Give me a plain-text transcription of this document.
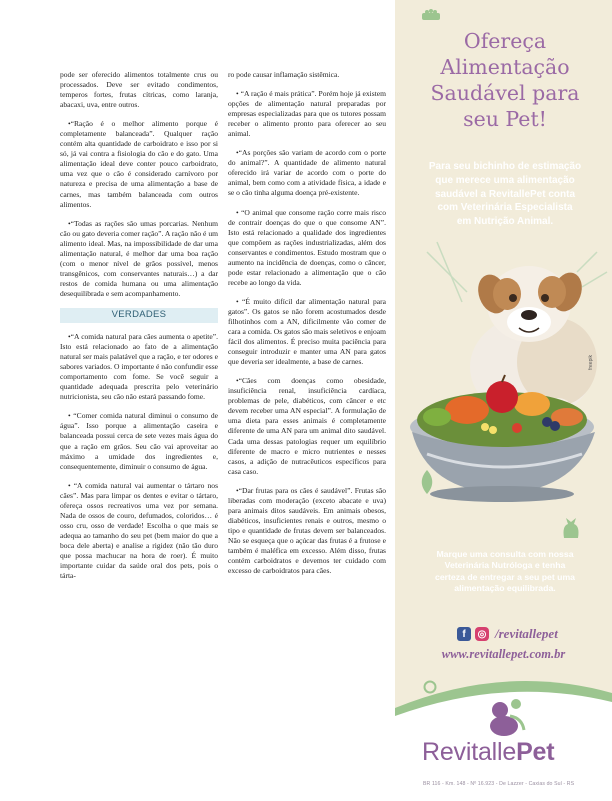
pode ser oferecido alimentos totalmente crus ou processados. Deve ser evitado condimentos, temperos fortes, frutas cítricas, como laranja, abacaxi, uva, entre outros.

•“Ração é o melhor alimento porque é completamente balanceada”. Qualquer ração contém alta quantidade de carboidrato e isso por si só, já vai contra a fisiologia do cão e do gato. Uma alimentação ideal deve conter pouco carboidrato, uma vez que o cão é considerado carnívoro por natureza e precisa de uma alimentação a base de carnes, mas também balanceada com outros alimentos.

•“Todas as rações são umas porcarias. Nenhum cão ou gato deveria comer ração”. A ração não é um alimento ideal. Mas, na impossibilidade de dar uma alimentação natural, é melhor dar uma boa ração (com o menor nível de grãos possível, menos transgênicos, com conservantes naturais…) a dar restos de comida humana ou uma alimentação desequilibrada e sem acompanhamento.

VERDADES

•“A comida natural para cães aumenta o apetite”. Isto está relacionado ao fato de a alimentação natural ser mais palatável que a ração, e ter odores e sabores variados. O importante é não confundir esse comportamento com fome. Se você seguir a quantidade adequada prescrita pelo veterinário nutricionista, seu cão não estará passando fome.

• “Comer comida natural diminui o consumo de água”. Isso porque a alimentação caseira e balanceada possui cerca de sete vezes mais água do que a ração em grãos. Seu cão vai aproveitar ao máximo a umidade dos ingredientes e, consequentemente, diminuir o consumo de água.

• “A comida natural vai aumentar o tártaro nos cães”. Mas para limpar os dentes e evitar o tártaro, ofereça ossos recreativos uma vez por semana. Nada de ossos de couro, defumados, coloridos… é osso cru, osso de verdade! Escolha o que mais se adequa ao tamanho do seu pet (bem maior do que a boca dele aberta) e analise a rigidez (não tão duro que possa machucar na hora de roer). É muito importante cuidar da saúde oral dos pets, pois o tárta-

ro pode causar inflamação sistêmica.

• “A ração é mais prática”. Porém hoje já existem opções de alimentação natural preparadas por empresas especializadas para que os tutores possam receber o alimento pronto para oferecer ao seu animal.

•“As porções são variam de acordo com o porte do animal?”. A quantidade de alimento natural oferecido irá variar de acordo com o porte do animal, bem como com a atividade física, a idade e se o cão tinha alguma doença pré-existente.

• “O animal que consome ração corre mais risco de contrair doenças do que o que consome AN”. Isto está relacionado a qualidade dos ingredientes que compõem as rações industrializadas, além dos conservantes e condimentos. Estudo mostram que o aumento na incidência de doenças, como o câncer, pode estar relacionado a alimentação que o cão recebe ao longo da vida.

• “É muito difícil dar alimentação natural para gatos”. Os gatos se não forem acostumados desde filhotinhos com a AN, dificilmente vão comer de cara a comida. Os gatos são mais seletivos e enjoam fácil dos alimentos. É preciso muita paciência para conseguir introduzir e manter uma AN para gatos que deveria ser idealmente, a base de carnes.

•“Cães com doenças como obesidade, insuficiência renal, insuficiência cardíaca, problemas de pele, diabéticos, com câncer e etc devem receber uma AN especial”. A formulação de uma dieta para esses animais é completamente diferente de uma AN para um animal dito saudável. Cada uma dessas patologias requer um equilíbrio diferente de macro e micro nutrientes e nesses casos, a adição de nutracêuticos específicos para casa caso.

•“Dar frutas para os cães é saudável”. Frutas são liberadas com moderação (exceto abacate e uva) para animais ditos saudáveis. Em animais obesos, diabéticos, insuficientes renais e outros, mesmo o tipo e quantidade de frutas devem ser balanceados. Não se esqueça que o açúcar das frutas é a frutose e também é maléfica em excesso. Além disso, frutas contém carboidratos e devemos ter cuidado com excesso de carboidratos para cães.

Ofereça
Alimentação
Saudável para
seu Pet!
Para seu bichinho de estimação
que merece uma alimentação
saudável a RevitallePet conta
com Veterinária Especialista
em Nutrição Animal.
freepik
Marque uma consulta com nossa
Veterinária Nutróloga e tenha
certeza de entregar a seu pet uma
alimentação equilibrada.
f	◎ /revitallepet
www.revitallepet.com.br
RevitallePet
BR 116 - Km. 148 - Nº 16.923 - De Lazzer - Caxias do Sul - RS
